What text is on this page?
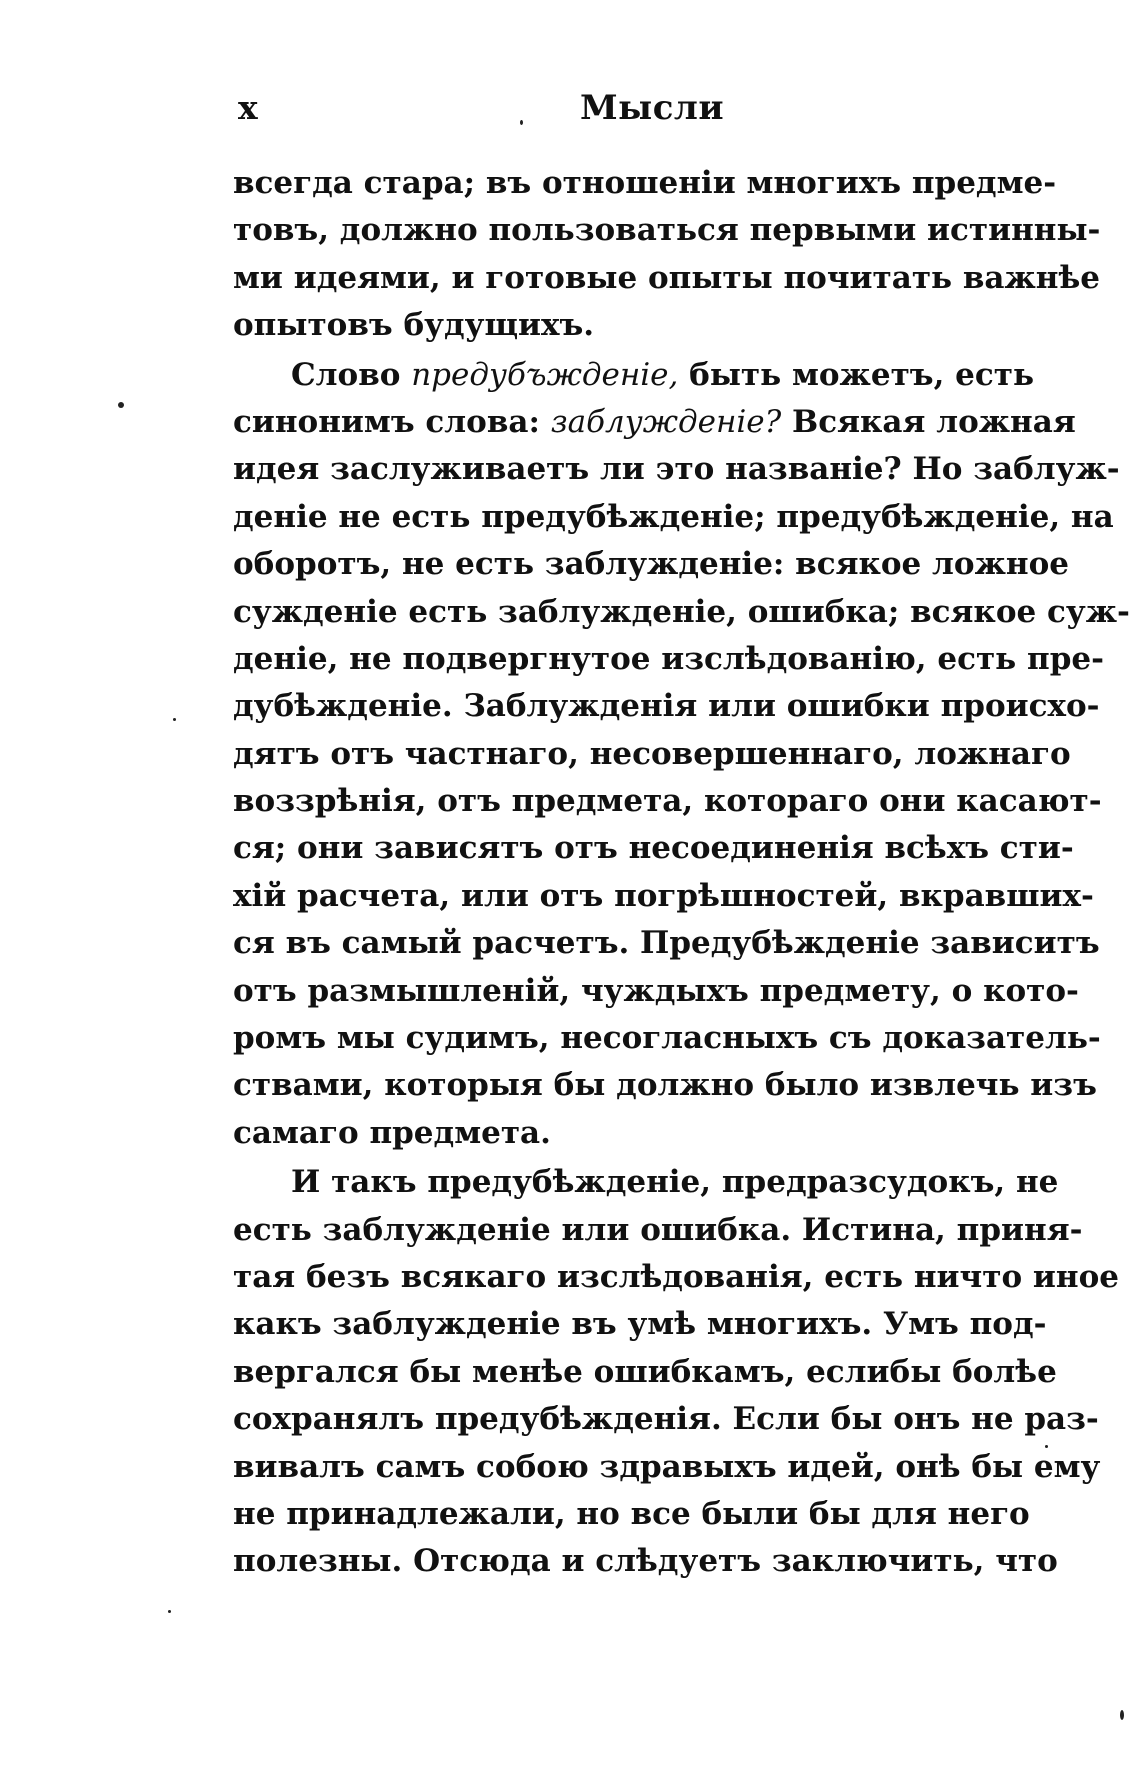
x	Мысли
всегда стара; въ отношеніи многихъ предме-
товъ, должно пользоваться первыми истинны-
ми идеями, и готовые опыты почитать важнѣе
опытовъ будущихъ.
Слово предубъжденіе, быть можетъ, есть
синонимъ слова: заблужденіе? Всякая ложная
идея заслуживаетъ ли это названіе? Но заблуж-
деніе не есть предубѣжденіе; предубѣжденіе, на
оборотъ, не есть заблужденіе: всякое ложное
сужденіе есть заблужденіе, ошибка; всякое суж-
деніе, не подвергнутое изслѣдованію, есть пре-
дубѣжденіе. Заблужденія или ошибки происхо-
дятъ отъ частнаго, несовершеннаго, ложнаго
воззрѣнія, отъ предмета, котораго они касают-
ся; они зависятъ отъ несоединенія всѣхъ сти-
хій расчета, или отъ погрѣшностей, вкравших-
ся въ самый расчетъ. Предубѣжденіе зависитъ
отъ размышленій, чуждыхъ предмету, о кото-
ромъ мы судимъ, несогласныхъ съ доказатель-
ствами, которыя бы должно было извлечь изъ
самаго предмета.
И такъ предубѣжденіе, предразсудокъ, не
есть заблужденіе или ошибка. Истина, приня-
тая безъ всякаго изслѣдованія, есть ничто иное
какъ заблужденіе въ умѣ многихъ. Умъ под-
вергался бы менѣе ошибкамъ, еслибы болѣе
сохранялъ предубѣжденія. Если бы онъ не раз-
вивалъ самъ собою здравыхъ идей, онѣ бы ему
не принадлежали, но все были бы для него
полезны. Отсюда и слѣдуетъ заключить, что
